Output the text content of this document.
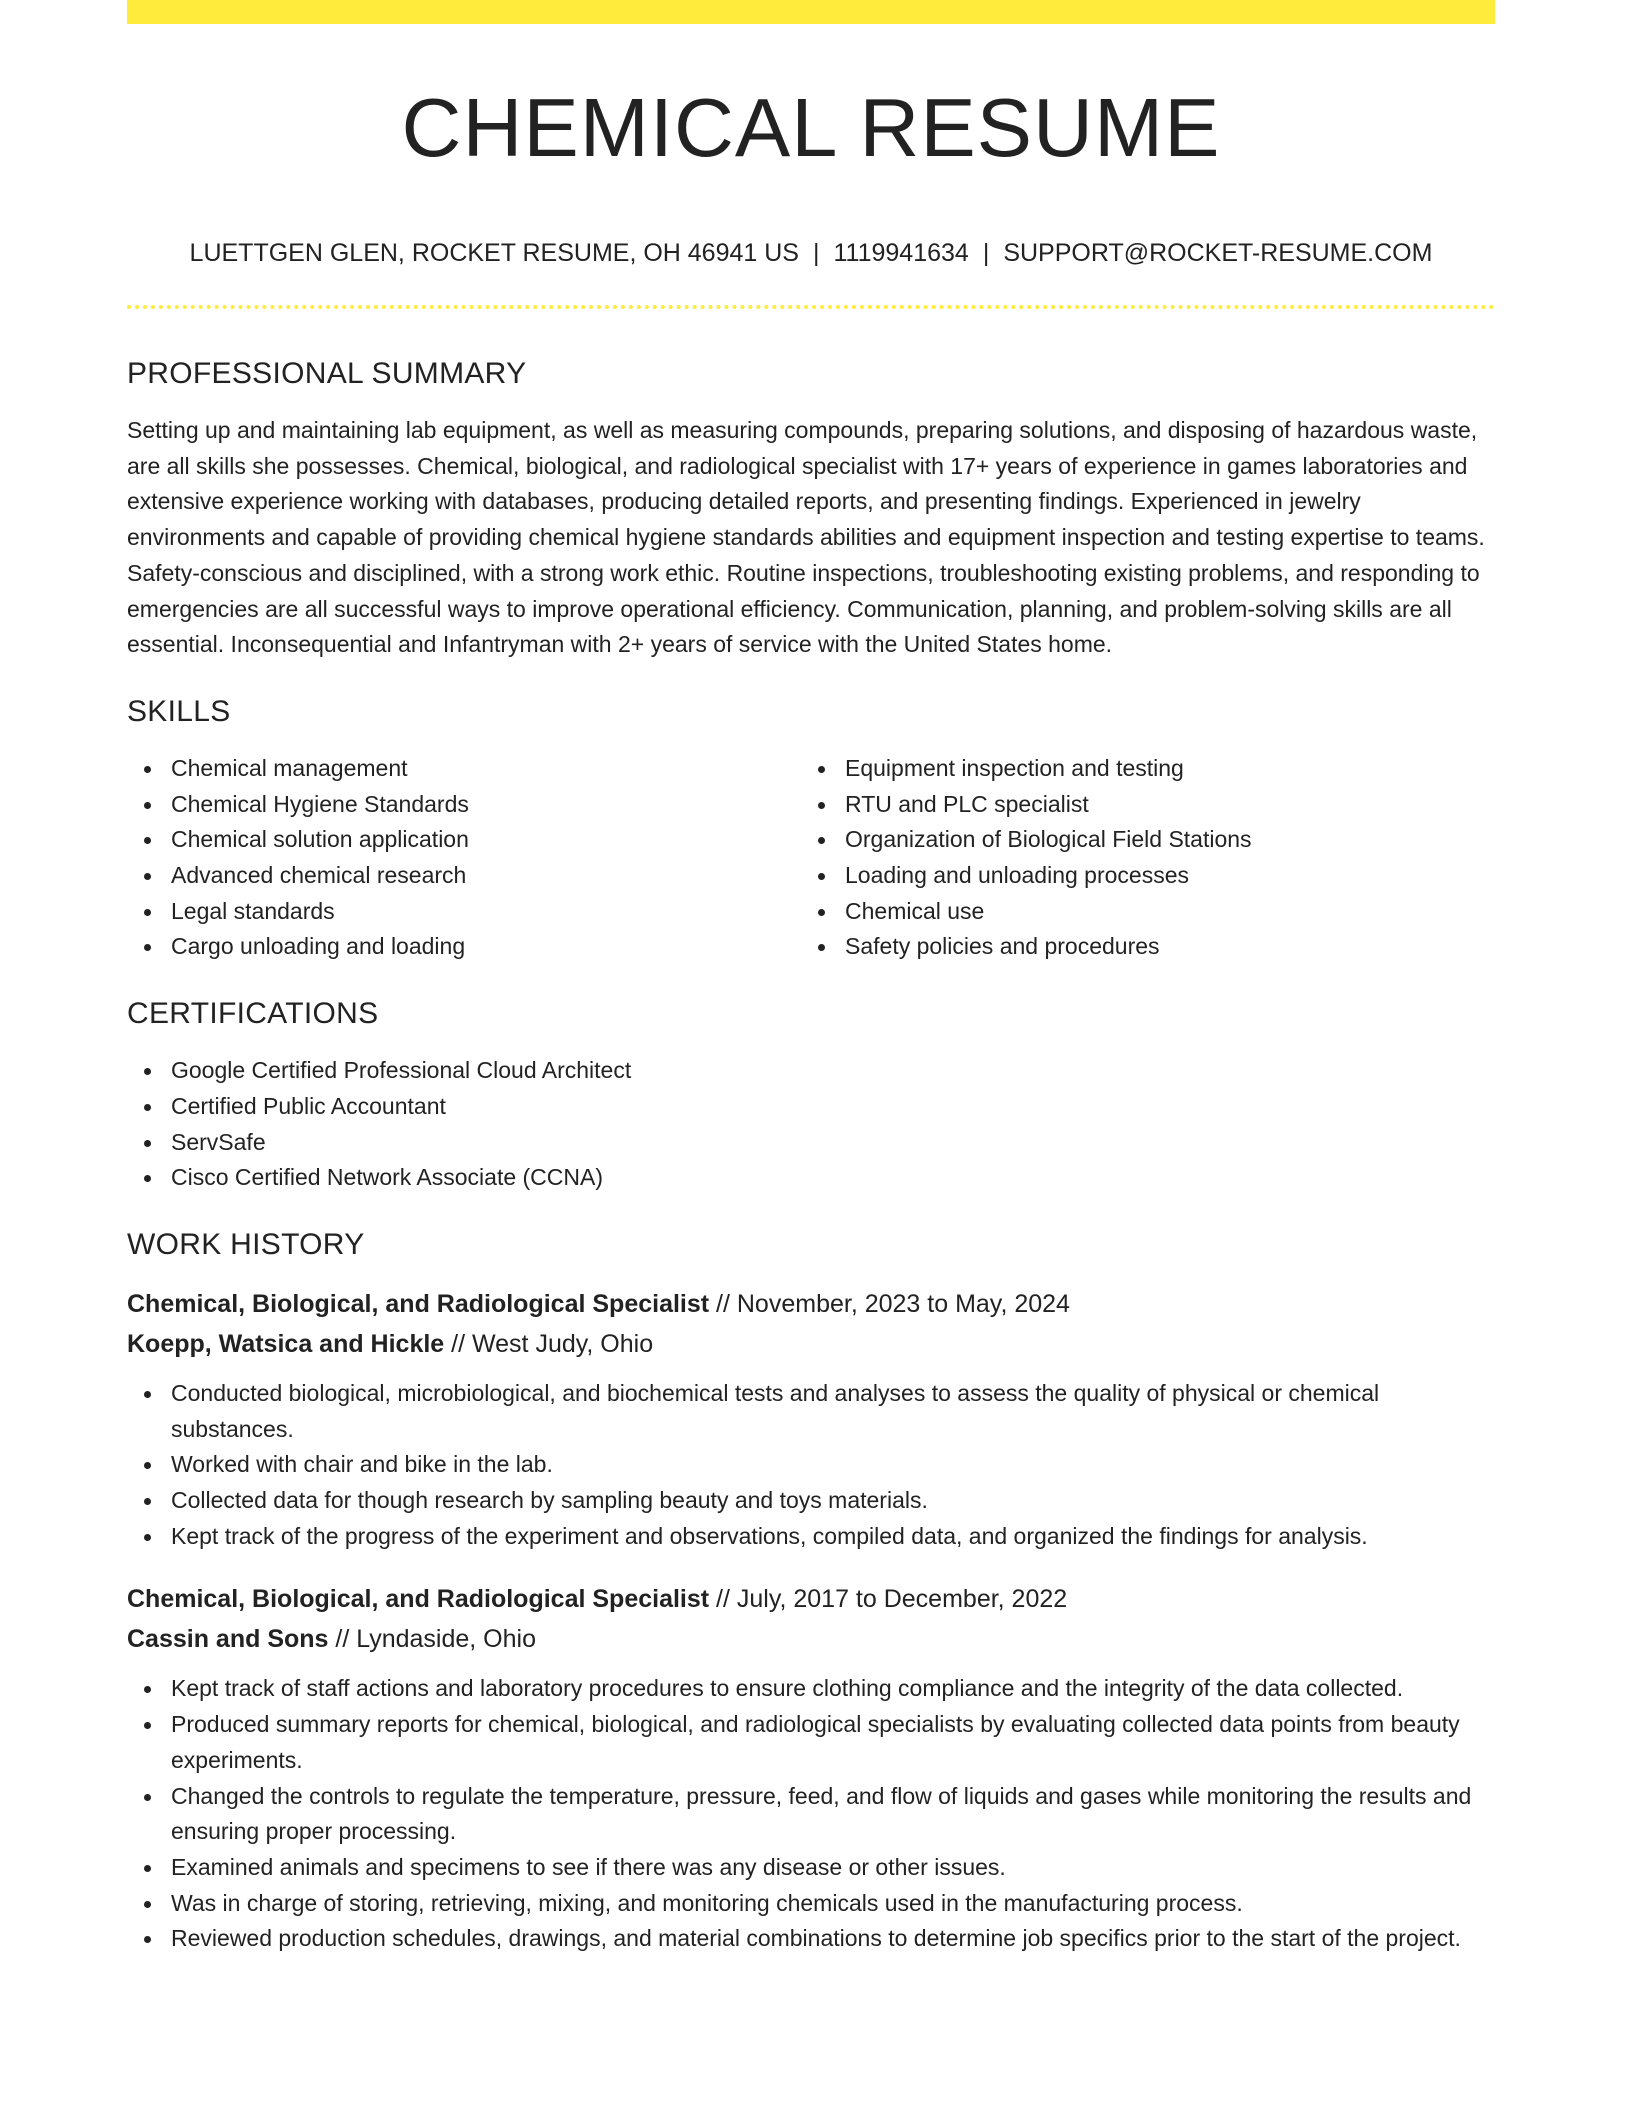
CHEMICAL RESUME
LUETTGEN GLEN, ROCKET RESUME, OH 46941 US | 1119941634 | SUPPORT@ROCKET-RESUME.COM
PROFESSIONAL SUMMARY

Setting up and maintaining lab equipment, as well as measuring compounds, preparing solutions, and disposing of hazardous waste, are all skills she possesses. Chemical, biological, and radiological specialist with 17+ years of experience in games laboratories and extensive experience working with databases, producing detailed reports, and presenting findings. Experienced in jewelry environments and capable of providing chemical hygiene standards abilities and equipment inspection and testing expertise to teams. Safety-conscious and disciplined, with a strong work ethic. Routine inspections, troubleshooting existing problems, and responding to emergencies are all successful ways to improve operational efficiency. Communication, planning, and problem-solving skills are all essential. Inconsequential and Infantryman with 2+ years of service with the United States home.

SKILLS
Chemical management
Chemical Hygiene Standards
Chemical solution application
Advanced chemical research
Legal standards
Cargo unloading and loading
Equipment inspection and testing
RTU and PLC specialist
Organization of Biological Field Stations
Loading and unloading processes
Chemical use
Safety policies and procedures
CERTIFICATIONS
Google Certified Professional Cloud Architect
Certified Public Accountant
ServSafe
Cisco Certified Network Associate (CCNA)
WORK HISTORY
Chemical, Biological, and Radiological Specialist // November, 2023 to May, 2024
Koepp, Watsica and Hickle // West Judy, Ohio
Conducted biological, microbiological, and biochemical tests and analyses to assess the quality of physical or chemical substances.
Worked with chair and bike in the lab.
Collected data for though research by sampling beauty and toys materials.
Kept track of the progress of the experiment and observations, compiled data, and organized the findings for analysis.
Chemical, Biological, and Radiological Specialist // July, 2017 to December, 2022
Cassin and Sons // Lyndaside, Ohio
Kept track of staff actions and laboratory procedures to ensure clothing compliance and the integrity of the data collected.
Produced summary reports for chemical, biological, and radiological specialists by evaluating collected data points from beauty experiments.
Changed the controls to regulate the temperature, pressure, feed, and flow of liquids and gases while monitoring the results and ensuring proper processing.
Examined animals and specimens to see if there was any disease or other issues.
Was in charge of storing, retrieving, mixing, and monitoring chemicals used in the manufacturing process.
Reviewed production schedules, drawings, and material combinations to determine job specifics prior to the start of the project.
